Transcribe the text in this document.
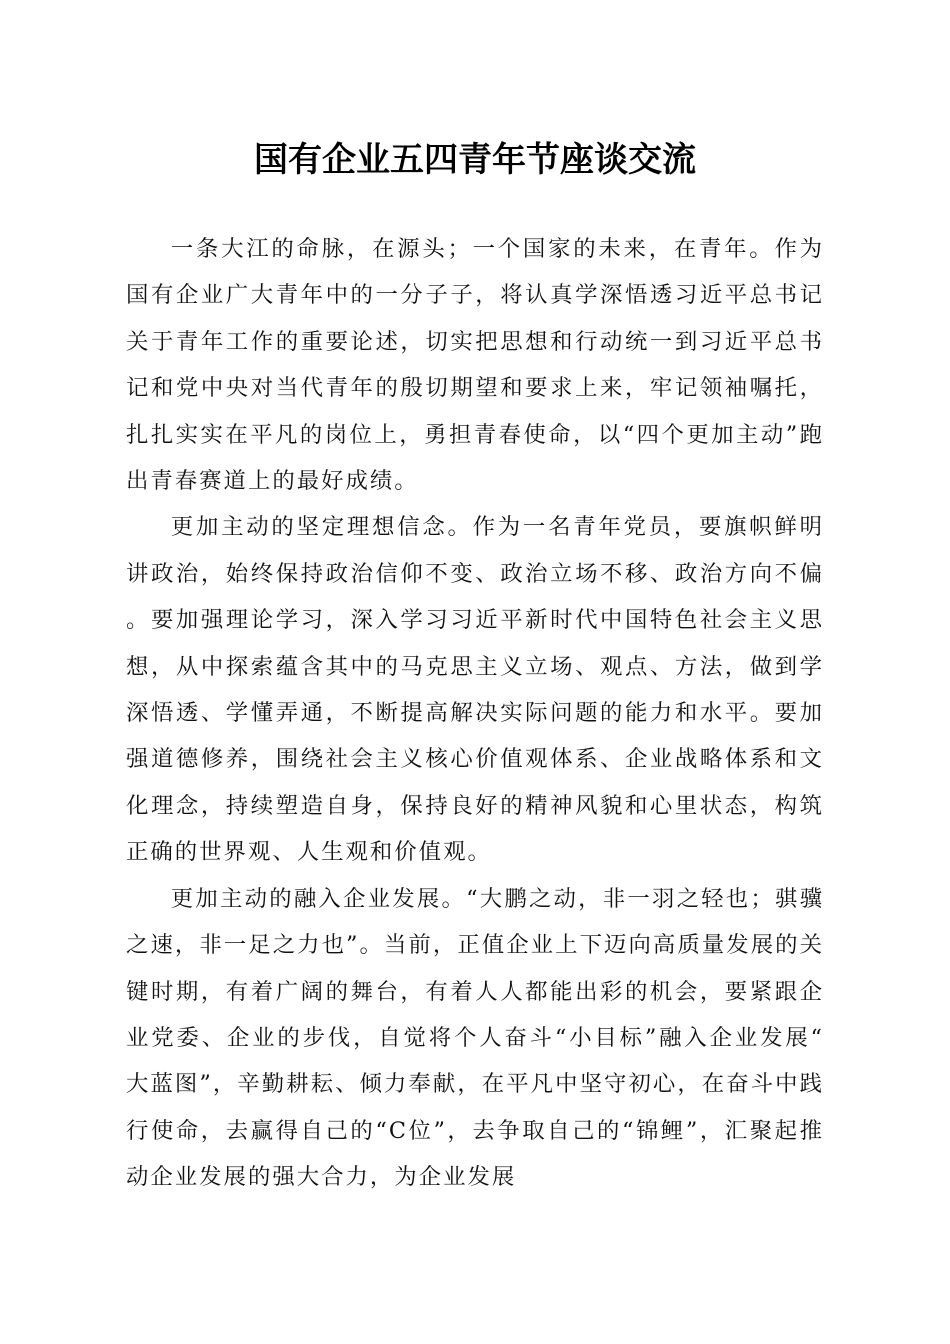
国有企业五四青年节座谈交流

一条大江的命脉，在源头；一个国家的未来，在青年。作为国有企业广大青年中的一分子子，将认真学深悟透习近平总书记关于青年工作的重要论述，切实把思想和行动统一到习近平总书记和党中央对当代青年的殷切期望和要求上来，牢记领袖嘱托，扎扎实实在平凡的岗位上，勇担青春使命，以“四个更加主动”跑出青春赛道上的最好成绩。

更加主动的坚定理想信念。作为一名青年党员，要旗帜鲜明讲政治，始终保持政治信仰不变、政治立场不移、政治方向不偏。要加强理论学习，深入学习习近平新时代中国特色社会主义思想，从中探索蕴含其中的马克思主义立场、观点、方法，做到学深悟透、学懂弄通，不断提高解决实际问题的能力和水平。要加强道德修养，围绕社会主义核心价值观体系、企业战略体系和文化理念，持续塑造自身，保持良好的精神风貌和心里状态，构筑正确的世界观、人生观和价值观。

更加主动的融入企业发展。“大鹏之动，非一羽之轻也；骐骥之速，非一足之力也”。当前，正值企业上下迈向高质量发展的关键时期，有着广阔的舞台，有着人人都能出彩的机会，要紧跟企业党委、企业的步伐，自觉将个人奋斗“小目标”融入企业发展“大蓝图”，辛勤耕耘、倾力奉献，在平凡中坚守初心，在奋斗中践行使命，去赢得自己的“C位”，去争取自己的“锦鲤”，汇聚起推动企业发展的强大合力，为企业发展
